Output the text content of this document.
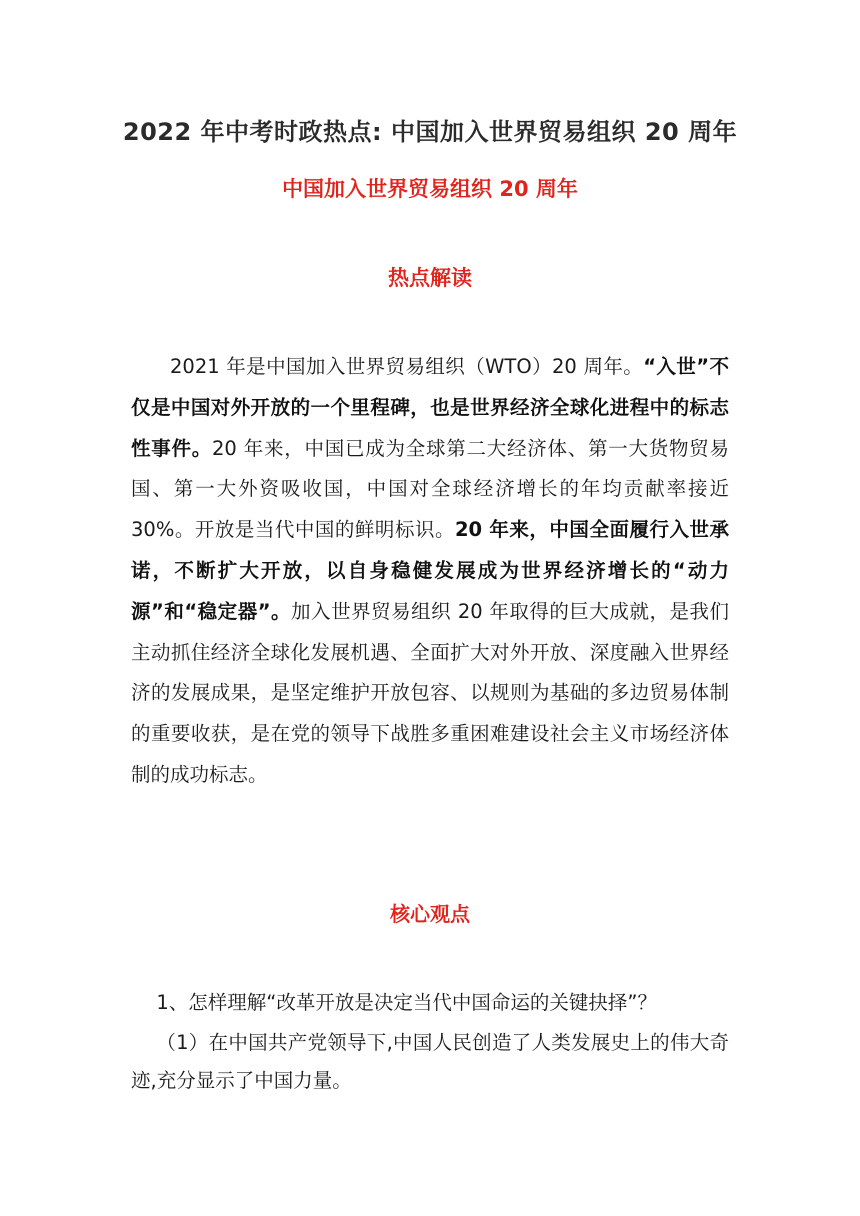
2022 年中考时政热点: 中国加入世界贸易组织 20 周年
中国加入世界贸易组织 20 周年
热点解读

2021 年是中国加入世界贸易组织（WTO）20 周年。“入世”不仅是中国对外开放的一个里程碑，也是世界经济全球化进程中的标志性事件。20 年来，中国已成为全球第二大经济体、第一大货物贸易国、第一大外资吸收国，中国对全球经济增长的年均贡献率接近 30%。开放是当代中国的鲜明标识。20 年来，中国全面履行入世承诺，不断扩大开放，以自身稳健发展成为世界经济增长的“动力源”和“稳定器”。加入世界贸易组织 20 年取得的巨大成就，是我们主动抓住经济全球化发展机遇、全面扩大对外开放、深度融入世界经济的发展成果，是坚定维护开放包容、以规则为基础的多边贸易体制的重要收获，是在党的领导下战胜多重困难建设社会主义市场经济体制的成功标志。

核心观点

1、怎样理解“改革开放是决定当代中国命运的关键抉择”？

（1）在中国共产党领导下,中国人民创造了人类发展史上的伟大奇迹,充分显示了中国力量。
